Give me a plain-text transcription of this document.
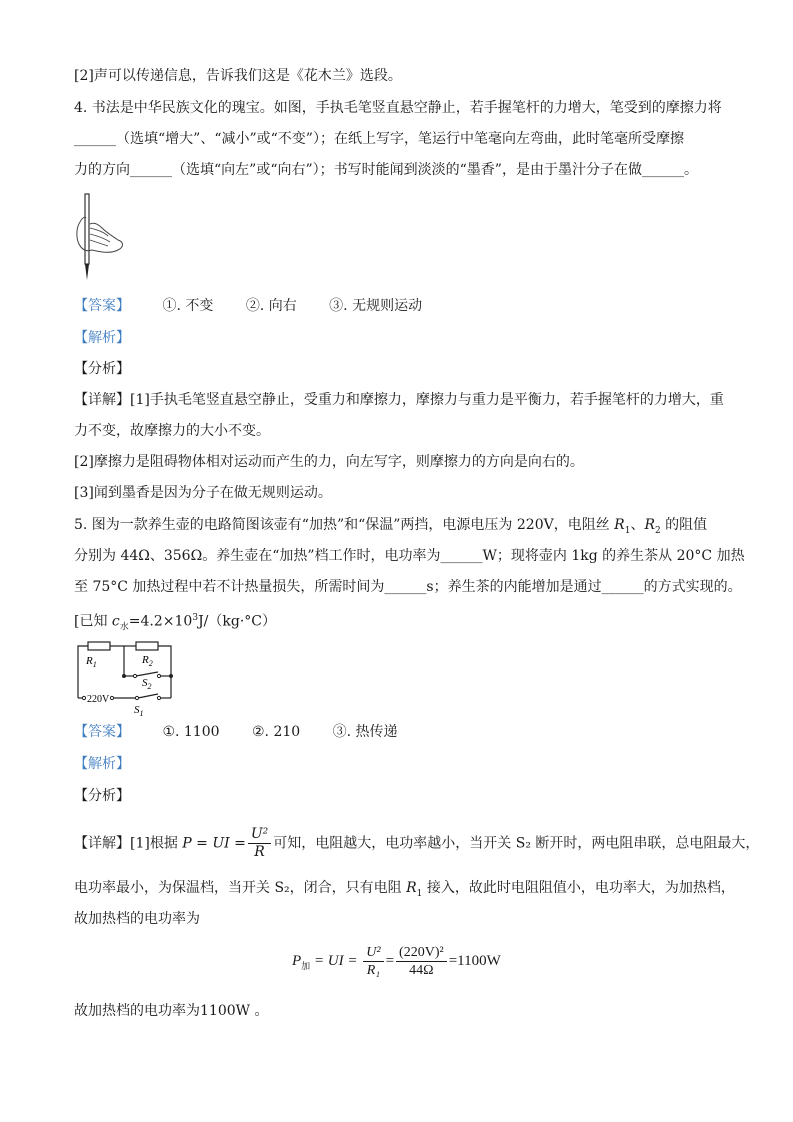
[2]声可以传递信息，告诉我们这是《花木兰》选段。
4. 书法是中华民族文化的瑰宝。如图，手执毛笔竖直悬空静止，若手握笔杆的力增大，笔受到的摩擦力将
______（选填“增大”、“减小”或“不变”）；在纸上写字，笔运行中笔毫向左弯曲，此时笔毫所受摩擦
力的方向______（选填“向左”或“向右”）；书写时能闻到淡淡的“墨香”，是由于墨汁分子在做______。
【答案】 ①. 不变 ②. 向右 ③. 无规则运动
【解析】
【分析】
【详解】[1]手执毛笔竖直悬空静止，受重力和摩擦力，摩擦力与重力是平衡力，若手握笔杆的力增大，重
力不变，故摩擦力的大小不变。
[2]摩擦力是阻碍物体相对运动而产生的力，向左写字，则摩擦力的方向是向右的。
[3]闻到墨香是因为分子在做无规则运动。
5. 图为一款养生壶的电路简图该壶有“加热”和“保温”两挡，电源电压为 220V，电阻丝 $R_1$、$R_2$ 的阻值
分别为 44Ω、356Ω。养生壶在“加热”档工作时，电功率为______W；现将壶内 1kg 的养生茶从 20°C 加热
至 75°C 加热过程中若不计热量损失，所需时间为______s；养生茶的内能增加是通过______的方式实现的。
[已知 $c_水=4.2\times 10^3J/(kg\cdot^\circ C)$
$R_1$	$R_2$
$S_2$
220V
$S_1$
【答案】 ①. 1100 ②. 210 ③. 热传递
【解析】
【分析】
【详解】[1]根据 P = UI = $\frac{\text{U²}}{R}$ 可知，电阻越大，电功率越小，当开关 S₂ 断开时，两电阻串联，总电阻最大，
电功率最小，为保温档，当开关 S₂，闭合，只有电阻 $R_1$ 接入，故此时电阻阻值小，电功率大，为加热档，
故加热档的电功率为
$P_加$ = UI = $\frac{\text{U²}}{\text{R₁}} = \frac{\text{(220V)²}}{44\Omega} =1100W$
故加热档的电功率为1100W 。
